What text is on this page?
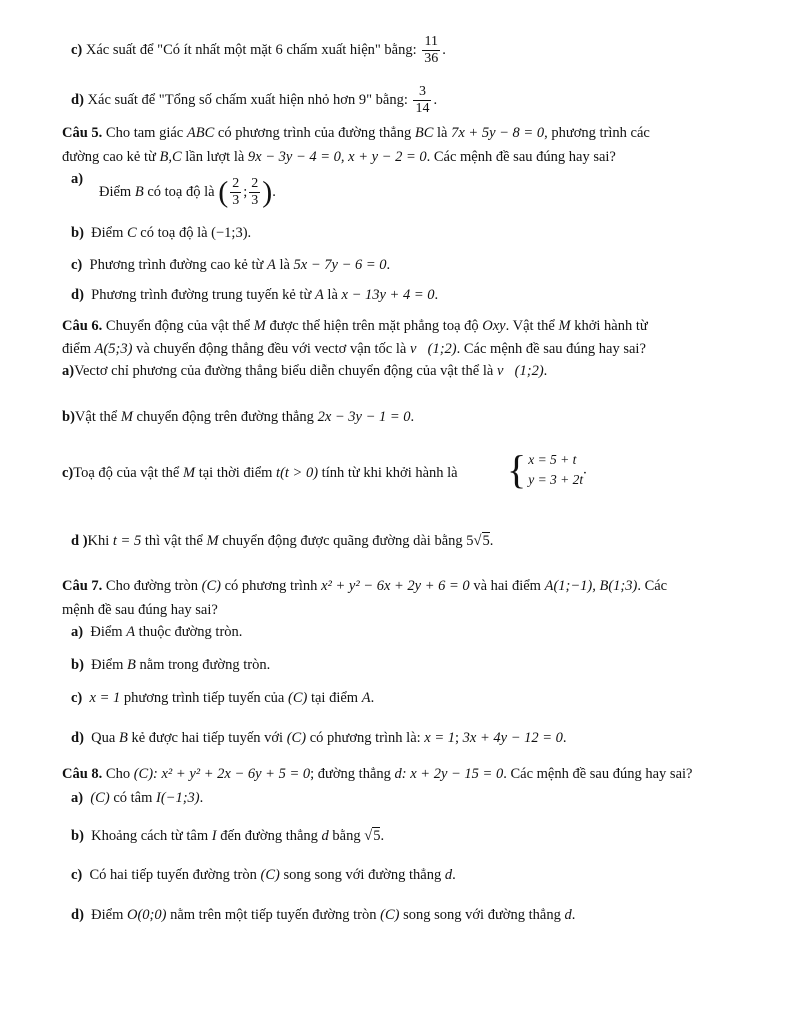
c) Xác suất để "Có ít nhất một mặt 6 chấm xuất hiện" bằng: $\frac{11}{36}$ .
d) Xác suất để "Tổng số chấm xuất hiện nhỏ hơn 9" bằng: $\frac{3}{14}$ .
Câu 5. Cho tam giác ABC có phương trình của đường thẳng BC là 7x + 5y − 8 = 0, phương trình các
đường cao kẻ từ B,C lần lượt là 9x − 3y − 4 = 0, x + y − 2 = 0. Các mệnh đề sau đúng hay sai?
a)
Điểm B có toạ độ là ( $\frac{2}{3}$ ; $\frac{2}{3}$ ).
b) Điểm C có toạ độ là (−1;3).
c) Phương trình đường cao kẻ từ A là 5x − 7y − 6 = 0.
d) Phương trình đường trung tuyến kẻ từ A là x − 13y + 4 = 0.
Câu 6. Chuyển động của vật thể M được thể hiện trên mặt phẳng toạ độ Oxy. Vật thể M khởi hành từ
điểm A(5;3) và chuyển động thẳng đều với vectơ vận tốc là v⃗(1;2). Các mệnh đề sau đúng hay sai?
a)Vectơ chỉ phương của đường thẳng biểu diễn chuyển động của vật thể là v⃗(1;2).
b)Vật thể M chuyển động trên đường thẳng 2x − 3y − 1 = 0.
c)Toạ độ của vật thể M tại thời điểm t(t > 0) tính từ khi khởi hành là { x = 5 + t
y = 3 + 2t
.
d )Khi t = 5 thì vật thể M chuyển động được quãng đường dài bằng 5√5.
Câu 7. Cho đường tròn (C) có phương trình x² + y² − 6x + 2y + 6 = 0 và hai điểm A(1;−1), B(1;3). Các
mệnh đề sau đúng hay sai?
a) Điểm A thuộc đường tròn.
b) Điểm B nằm trong đường tròn.
c) x = 1 phương trình tiếp tuyến của (C) tại điểm A.
d) Qua B kẻ được hai tiếp tuyến với (C) có phương trình là: x = 1; 3x + 4y − 12 = 0.
Câu 8. Cho (C): x² + y² + 2x − 6y + 5 = 0; đường thẳng d: x + 2y − 15 = 0. Các mệnh đề sau đúng hay sai?
a) (C) có tâm I(−1;3).
b) Khoảng cách từ tâm I đến đường thẳng d bằng √5.
c) Có hai tiếp tuyến đường tròn (C) song song với đường thẳng d.
d) Điểm O(0;0) nằm trên một tiếp tuyến đường tròn (C) song song với đường thẳng d.
